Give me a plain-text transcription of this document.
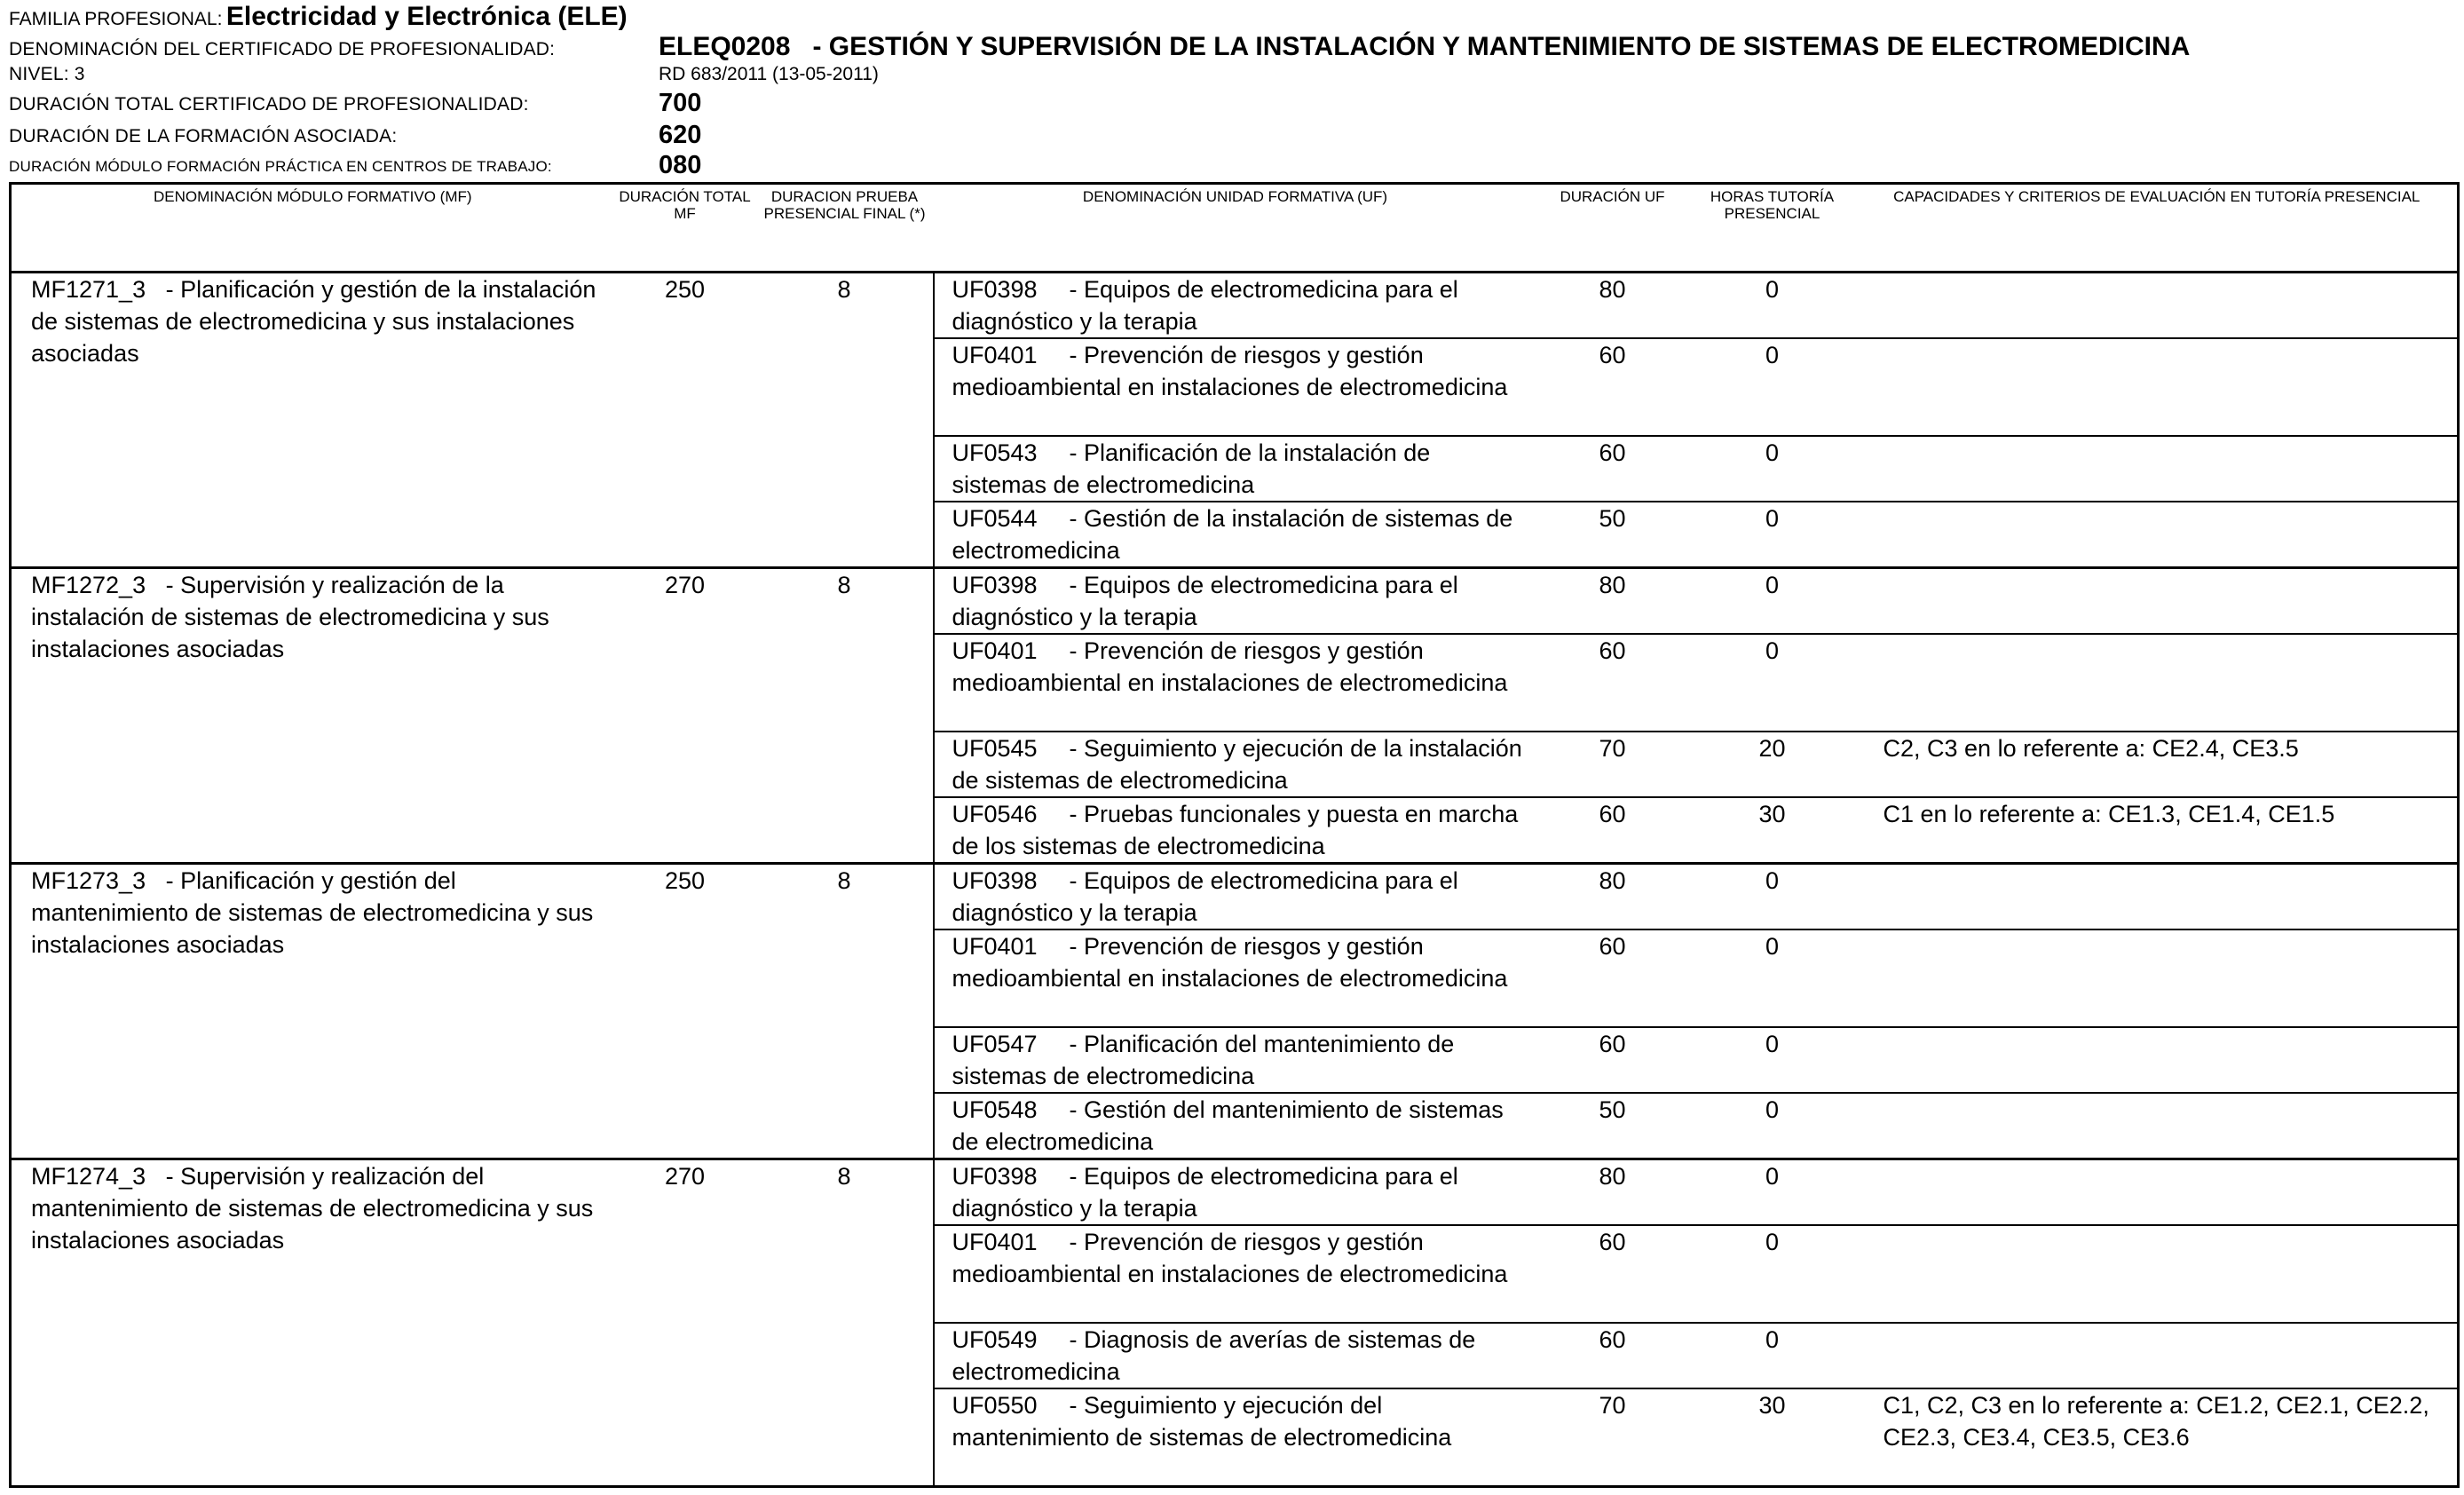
FAMILIA PROFESIONAL: Electricidad y Electrónica (ELE)
DENOMINACIÓN DEL CERTIFICADO DE PROFESIONALIDAD:	ELEQ0208 - GESTIÓN Y SUPERVISIÓN DE LA INSTALACIÓN Y MANTENIMIENTO DE SISTEMAS DE ELECTROMEDICINA
NIVEL: 3	RD 683/2011 (13-05-2011)
DURACIÓN TOTAL CERTIFICADO DE PROFESIONALIDAD:	700
DURACIÓN DE LA FORMACIÓN ASOCIADA:	620
DURACIÓN MÓDULO FORMACIÓN PRÁCTICA EN CENTROS DE TRABAJO:	080
DENOMINACIÓN MÓDULO FORMATIVO (MF)	DURACIÓN TOTAL MF	DURACION PRUEBA PRESENCIAL FINAL (*)	DENOMINACIÓN UNIDAD FORMATIVA (UF)	DURACIÓN UF	HORAS TUTORÍA PRESENCIAL	CAPACIDADES Y CRITERIOS DE EVALUACIÓN EN TUTORÍA PRESENCIAL
MF1271_3 - Planificación y gestión de la instalación de sistemas de electromedicina y sus instalaciones asociadas	250	8	UF0398 - Equipos de electromedicina para el diagnóstico y la terapia	80	0	
			UF0401 - Prevención de riesgos y gestión medioambiental en instalaciones de electromedicina	60	0	
			UF0543 - Planificación de la instalación de sistemas de electromedicina	60	0	
			UF0544 - Gestión de la instalación de sistemas de electromedicina	50	0	
MF1272_3 - Supervisión y realización de la instalación de sistemas de electromedicina y sus instalaciones asociadas	270	8	UF0398 - Equipos de electromedicina para el diagnóstico y la terapia	80	0	
			UF0401 - Prevención de riesgos y gestión medioambiental en instalaciones de electromedicina	60	0	
			UF0545 - Seguimiento y ejecución de la instalación de sistemas de electromedicina	70	20	C2, C3 en lo referente a: CE2.4, CE3.5
			UF0546 - Pruebas funcionales y puesta en marcha de los sistemas de electromedicina	60	30	C1 en lo referente a: CE1.3, CE1.4, CE1.5
MF1273_3 - Planificación y gestión del mantenimiento de sistemas de electromedicina y sus instalaciones asociadas	250	8	UF0398 - Equipos de electromedicina para el diagnóstico y la terapia	80	0	
			UF0401 - Prevención de riesgos y gestión medioambiental en instalaciones de electromedicina	60	0	
			UF0547 - Planificación del mantenimiento de sistemas de electromedicina	60	0	
			UF0548 - Gestión del mantenimiento de sistemas de electromedicina	50	0	
MF1274_3 - Supervisión y realización del mantenimiento de sistemas de electromedicina y sus instalaciones asociadas	270	8	UF0398 - Equipos de electromedicina para el diagnóstico y la terapia	80	0	
			UF0401 - Prevención de riesgos y gestión medioambiental en instalaciones de electromedicina	60	0	
			UF0549 - Diagnosis de averías de sistemas de electromedicina	60	0	
			UF0550 - Seguimiento y ejecución del mantenimiento de sistemas de electromedicina	70	30	C1, C2, C3 en lo referente a: CE1.2, CE2.1, CE2.2, CE2.3, CE3.4, CE3.5, CE3.6
